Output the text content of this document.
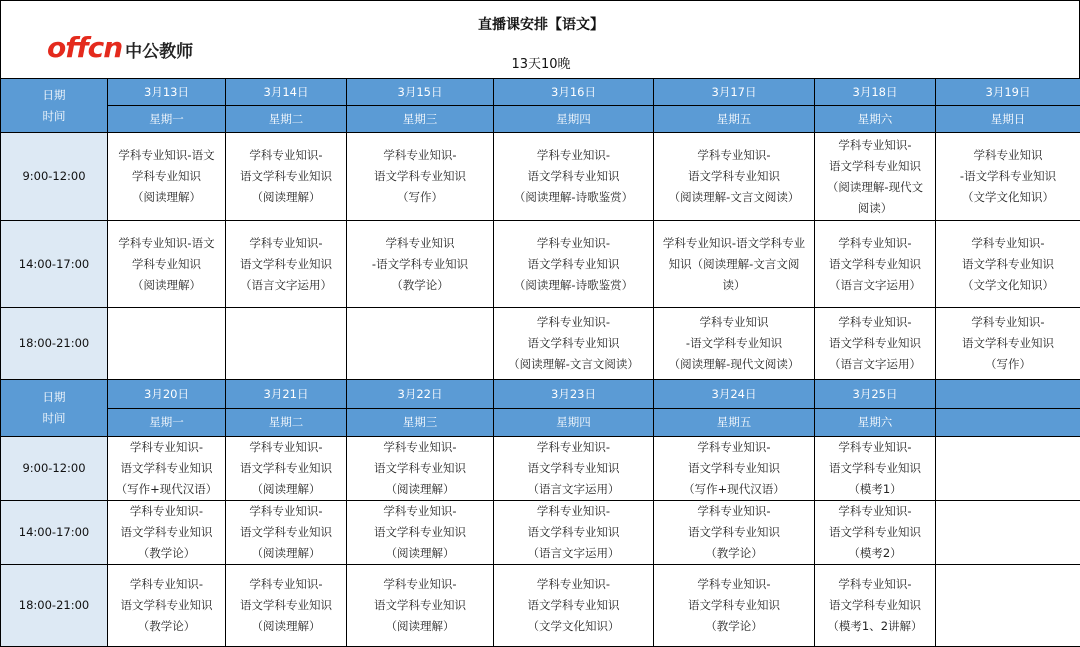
offcn 中公教师
直播课安排【语文】
13天10晚
日期
时间	3月13日	3月14日	3月15日	3月16日	3月17日	3月18日	3月19日
	星期一	星期二	星期三	星期四	星期五	星期六	星期日
9:00-12:00	学科专业知识-语文
学科专业知识
（阅读理解）	学科专业知识-
语文学科专业知识
（阅读理解）	学科专业知识-
语文学科专业知识
（写作）	学科专业知识-
语文学科专业知识
（阅读理解-诗歌鉴赏）	学科专业知识-
语文学科专业知识
（阅读理解-文言文阅读）	学科专业知识-
语文学科专业知识
（阅读理解-现代文
阅读）	学科专业知识
-语文学科专业知识
（文学文化知识）
14:00-17:00	学科专业知识-语文
学科专业知识
（阅读理解）	学科专业知识-
语文学科专业知识
（语言文字运用）	学科专业知识
-语文学科专业知识
（教学论）	学科专业知识-
语文学科专业知识
（阅读理解-诗歌鉴赏）	学科专业知识-语文学科专业
知识（阅读理解-文言文阅
读）	学科专业知识-
语文学科专业知识
（语言文字运用）	学科专业知识-
语文学科专业知识
（文学文化知识）
18:00-21:00				学科专业知识-
语文学科专业知识
（阅读理解-文言文阅读）	学科专业知识
-语文学科专业知识
（阅读理解-现代文阅读）	学科专业知识-
语文学科专业知识
（语言文字运用）	学科专业知识-
语文学科专业知识
（写作）

日期
时间	3月20日	3月21日	3月22日	3月23日	3月24日	3月25日	
	星期一	星期二	星期三	星期四	星期五	星期六	
9:00-12:00	学科专业知识-
语文学科专业知识
（写作+现代汉语）	学科专业知识-
语文学科专业知识
（阅读理解）	学科专业知识-
语文学科专业知识
（阅读理解）	学科专业知识-
语文学科专业知识
（语言文字运用）	学科专业知识-
语文学科专业知识
（写作+现代汉语）	学科专业知识-
语文学科专业知识
（模考1）	
14:00-17:00	学科专业知识-
语文学科专业知识
（教学论）	学科专业知识-
语文学科专业知识
（阅读理解）	学科专业知识-
语文学科专业知识
（阅读理解）	学科专业知识-
语文学科专业知识
（语言文字运用）	学科专业知识-
语文学科专业知识
（教学论）	学科专业知识-
语文学科专业知识
（模考2）	
18:00-21:00	学科专业知识-
语文学科专业知识
（教学论）	学科专业知识-
语文学科专业知识
（阅读理解）	学科专业知识-
语文学科专业知识
（阅读理解）	学科专业知识-
语文学科专业知识
（文学文化知识）	学科专业知识-
语文学科专业知识
（教学论）	学科专业知识-
语文学科专业知识
（模考1、2讲解）	
